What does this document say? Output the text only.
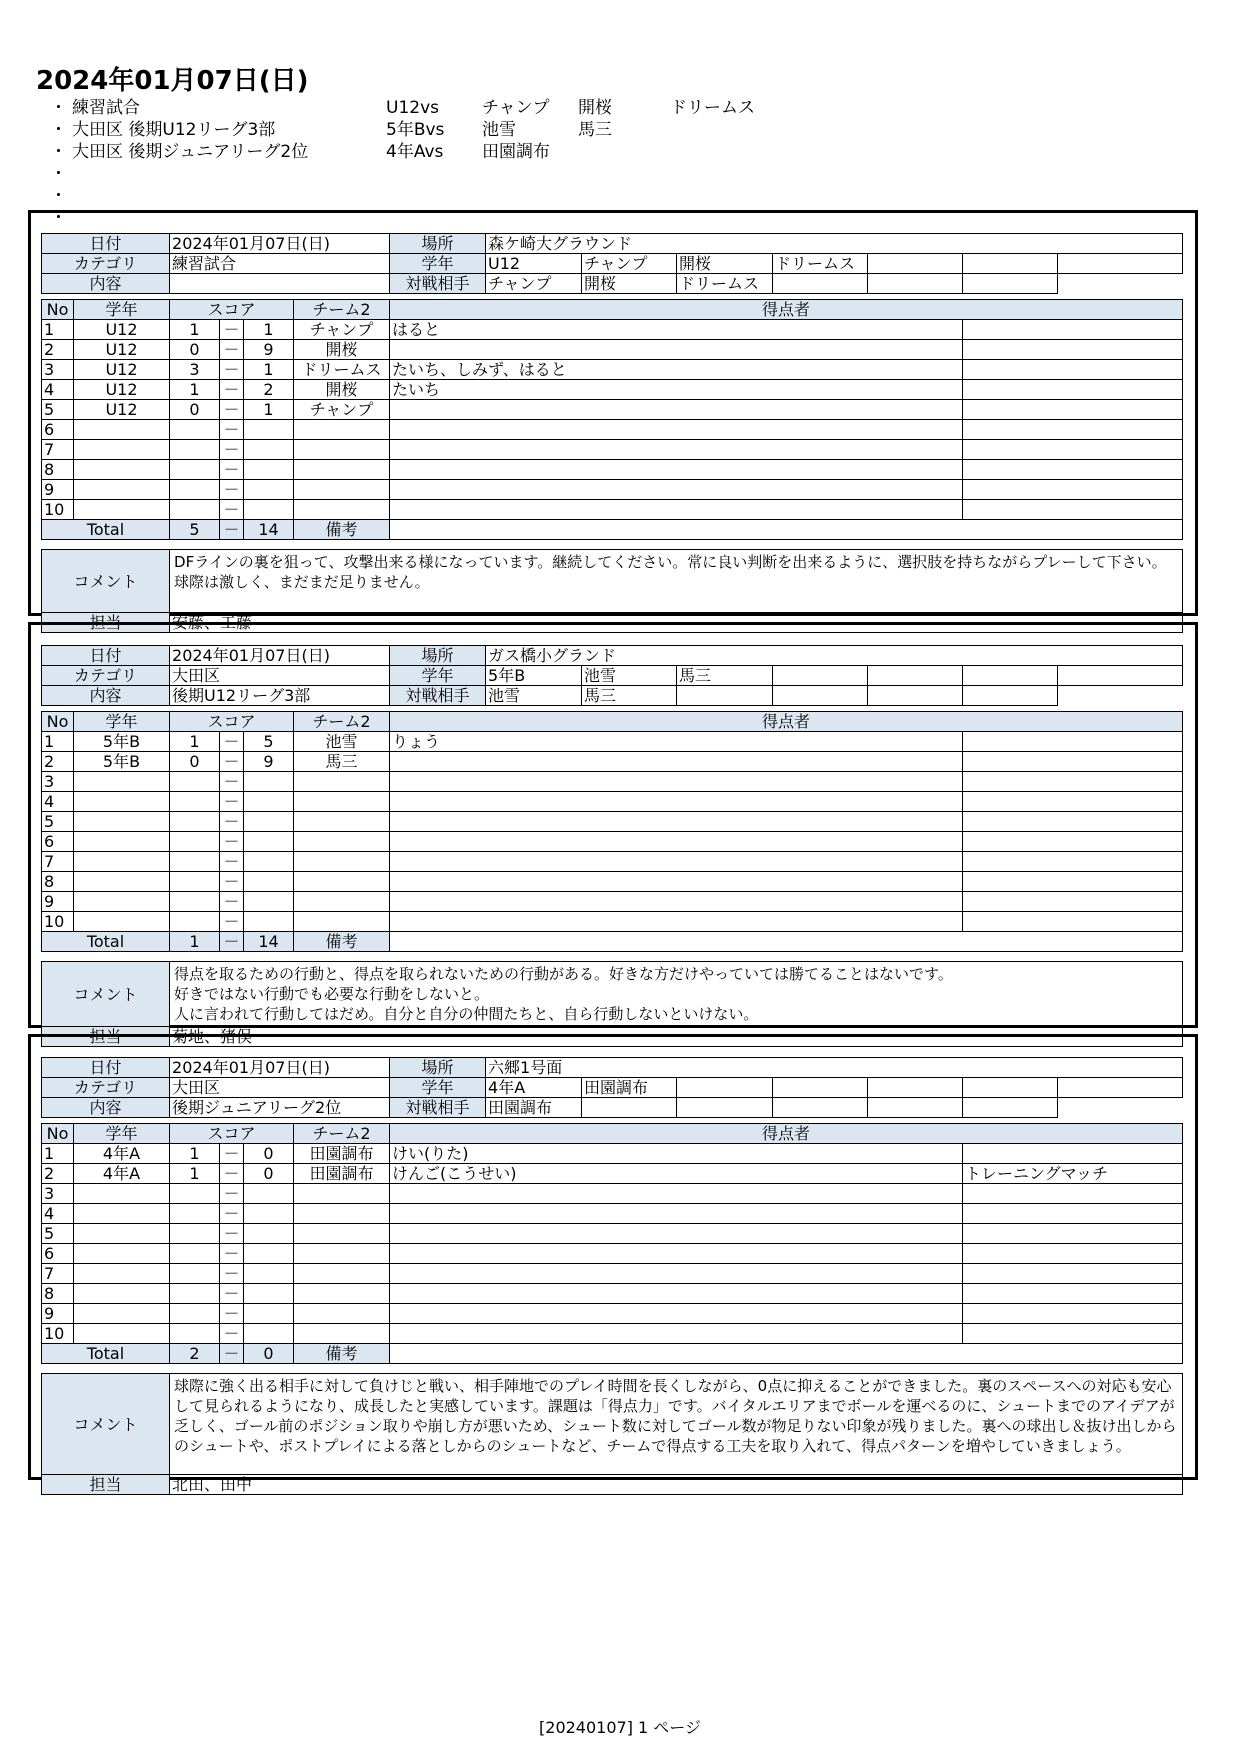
2024年01月07日(日)
・ 練習試合	U12vs	チャンプ 開桜	ドリームス
・ 大田区 後期U12リーグ3部	5年Bvs 池雪	馬三
・ 大田区 後期ジュニアリーグ2位	4年Avs 田園調布
・
・
・
日付	2024年01月07日(日)	場所	森ケ崎大グラウンド						
カテゴリ	練習試合	学年	U12	チャンプ	開桜	ドリームス			
内容		対戦相手	チャンプ	開桜	ドリームス				
No	学年	スコア			チーム2	得点者	
1	U12	1	－	1	チャンプ	はると	
2	U12	0	－	9	開桜		
3	U12	3	－	1	ドリームス	たいち、しみず、はると	
4	U12	1	－	2	開桜	たいち	
5	U12	0	－	1	チャンプ		
6			－				
7			－				
8			－				
9			－				
10			－				
Total		5	－	14	備考		
コメント	DFラインの裏を狙って、攻撃出来る様になっています。継続してください。常に良い判断を出来るように、選択肢を持ちながらプレーして下さい。球際は激しく、まだまだ足りません。

担当	安藤、工藤
日付	2024年01月07日(日)	場所	ガス橋小グランド						
カテゴリ	大田区	学年	5年B	池雪	馬三				
内容	後期U12リーグ3部	対戦相手	池雪	馬三					
No	学年	スコア			チーム2	得点者	
1	5年B	1	－	5	池雪	りょう	
2	5年B	0	－	9	馬三		
3			－				
4			－				
5			－				
6			－				
7			－				
8			－				
9			－				
10			－				
Total		1	－	14	備考		
コメント	得点を取るための行動と、得点を取られないための行動がある。好きな方だけやっていては勝てることはないです。
好きではない行動でも必要な行動をしないと。
人に言われて行動してはだめ。自分と自分の仲間たちと、自ら行動しないといけない。

担当	菊地、猪俣
日付	2024年01月07日(日)	場所	六郷1号面						
カテゴリ	大田区	学年	4年A	田園調布					
内容	後期ジュニアリーグ2位	対戦相手	田園調布						
No	学年	スコア			チーム2	得点者	
1	4年A	1	－	0	田園調布	けい(りた)	
2	4年A	1	－	0	田園調布	けんご(こうせい)	トレーニングマッチ
3			－				
4			－				
5			－				
6			－				
7			－				
8			－				
9			－				
10			－				
Total		2	－	0	備考		
コメント	球際に強く出る相手に対して負けじと戦い、相手陣地でのプレイ時間を長くしながら、0点に抑えることができました。裏のスペースへの対応も安心して見られるようになり、成長したと実感しています。課題は「得点力」です。バイタルエリアまでボールを運べるのに、シュートまでのアイデアが乏しく、ゴール前のポジション取りや崩し方が悪いため、シュート数に対してゴール数が物足りない印象が残りました。裏への球出し＆抜け出しからのシュートや、ポストプレイによる落としからのシュートなど、チームで得点する工夫を取り入れて、得点パターンを増やしていきましょう。

担当	北田、田中
[20240107] 1 ページ
